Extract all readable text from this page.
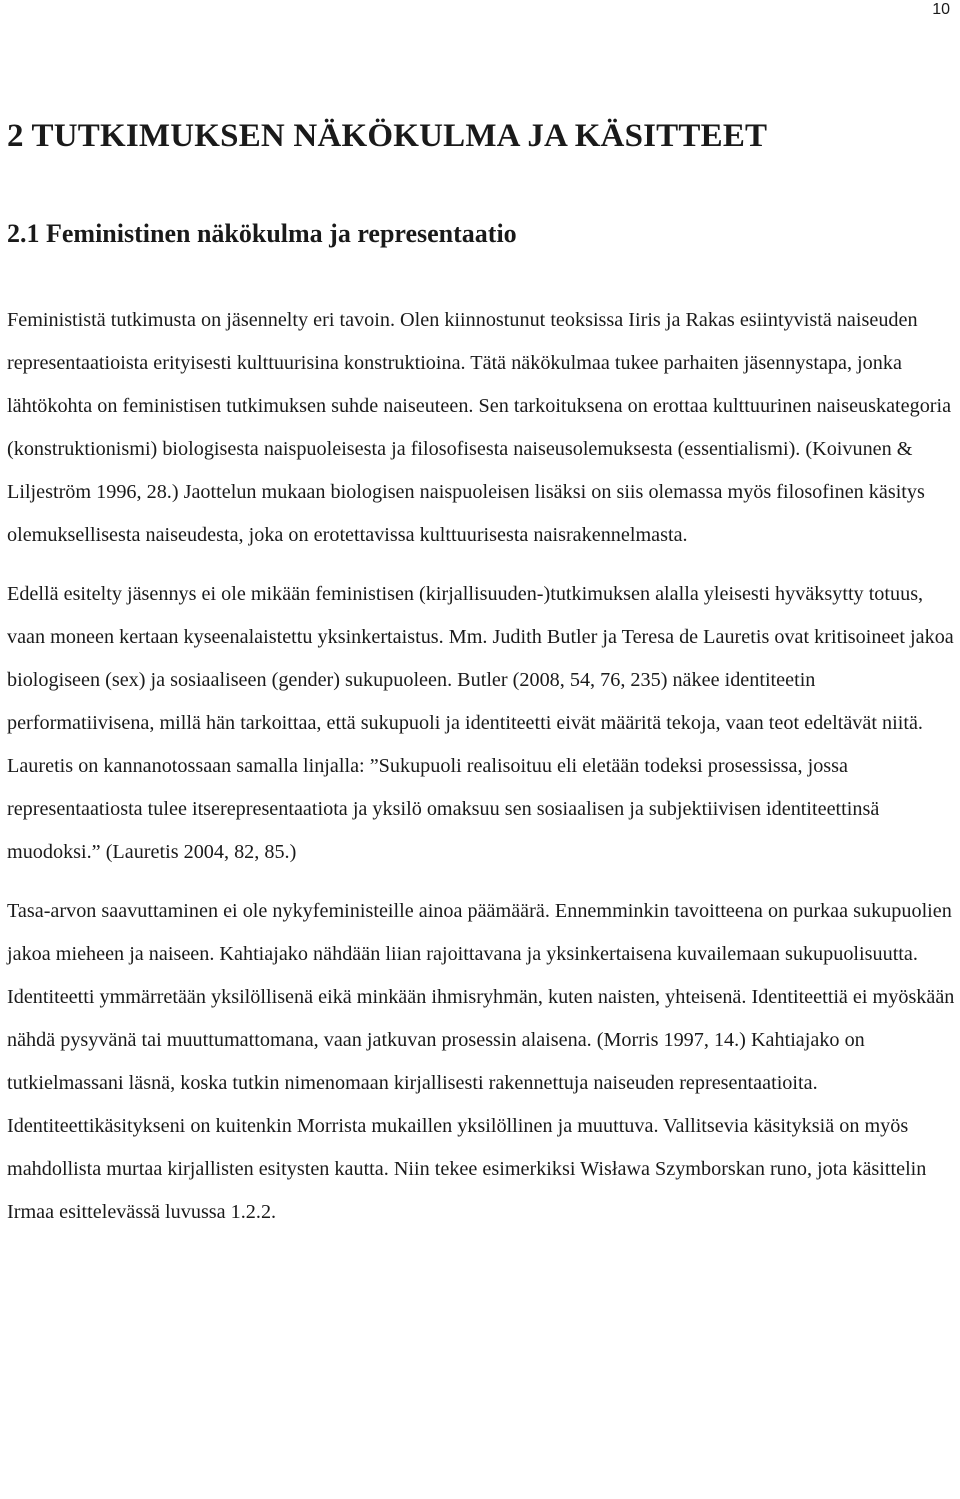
10
2 TUTKIMUKSEN NÄKÖKULMA JA KÄSITTEET
2.1 Feministinen näkökulma ja representaatio

Feminististä tutkimusta on jäsennelty eri tavoin. Olen kiinnostunut teoksissa Iiris ja Rakas esiintyvistä naiseuden representaatioista erityisesti kulttuurisina konstruktioina. Tätä näkökulmaa tukee parhaiten jäsennystapa, jonka lähtökohta on feministisen tutkimuksen suhde naiseuteen. Sen tarkoituksena on erottaa kulttuurinen naiseuskategoria (konstruktionismi) biologisesta naispuoleisesta ja filosofisesta naiseusolemuksesta (essentialismi). (Koivunen & Liljeström 1996, 28.) Jaottelun mukaan biologisen naispuoleisen lisäksi on siis olemassa myös filosofinen käsitys olemuksellisesta naiseudesta, joka on erotettavissa kulttuurisesta naisrakennelmasta.

Edellä esitelty jäsennys ei ole mikään feministisen (kirjallisuuden-)tutkimuksen alalla yleisesti hyväksytty totuus, vaan moneen kertaan kyseenalaistettu yksinkertaistus. Mm. Judith Butler ja Teresa de Lauretis ovat kritisoineet jakoa biologiseen (sex) ja sosiaaliseen (gender) sukupuoleen. Butler (2008, 54, 76, 235) näkee identiteetin performatiivisena, millä hän tarkoittaa, että sukupuoli ja identiteetti eivät määritä tekoja, vaan teot edeltävät niitä. Lauretis on kannanotossaan samalla linjalla: ”Sukupuoli realisoituu eli eletään todeksi prosessissa, jossa representaatiosta tulee itserepresentaatiota ja yksilö omaksuu sen sosiaalisen ja subjektiivisen identiteettinsä muodoksi.” (Lauretis 2004, 82, 85.)

Tasa-arvon saavuttaminen ei ole nykyfeministeille ainoa päämäärä. Ennemminkin tavoitteena on purkaa sukupuolien jakoa mieheen ja naiseen. Kahtiajako nähdään liian rajoittavana ja yksinkertaisena kuvailemaan sukupuolisuutta. Identiteetti ymmärretään yksilöllisenä eikä minkään ihmisryhmän, kuten naisten, yhteisenä. Identiteettiä ei myöskään nähdä pysyvänä tai muuttumattomana, vaan jatkuvan prosessin alaisena. (Morris 1997, 14.) Kahtiajako on tutkielmassani läsnä, koska tutkin nimenomaan kirjallisesti rakennettuja naiseuden representaatioita. Identiteettikäsitykseni on kuitenkin Morrista mukaillen yksilöllinen ja muuttuva. Vallitsevia käsityksiä on myös mahdollista murtaa kirjallisten esitysten kautta. Niin tekee esimerkiksi Wisława Szymborskan runo, jota käsittelin Irmaa esittelevässä luvussa 1.2.2.
